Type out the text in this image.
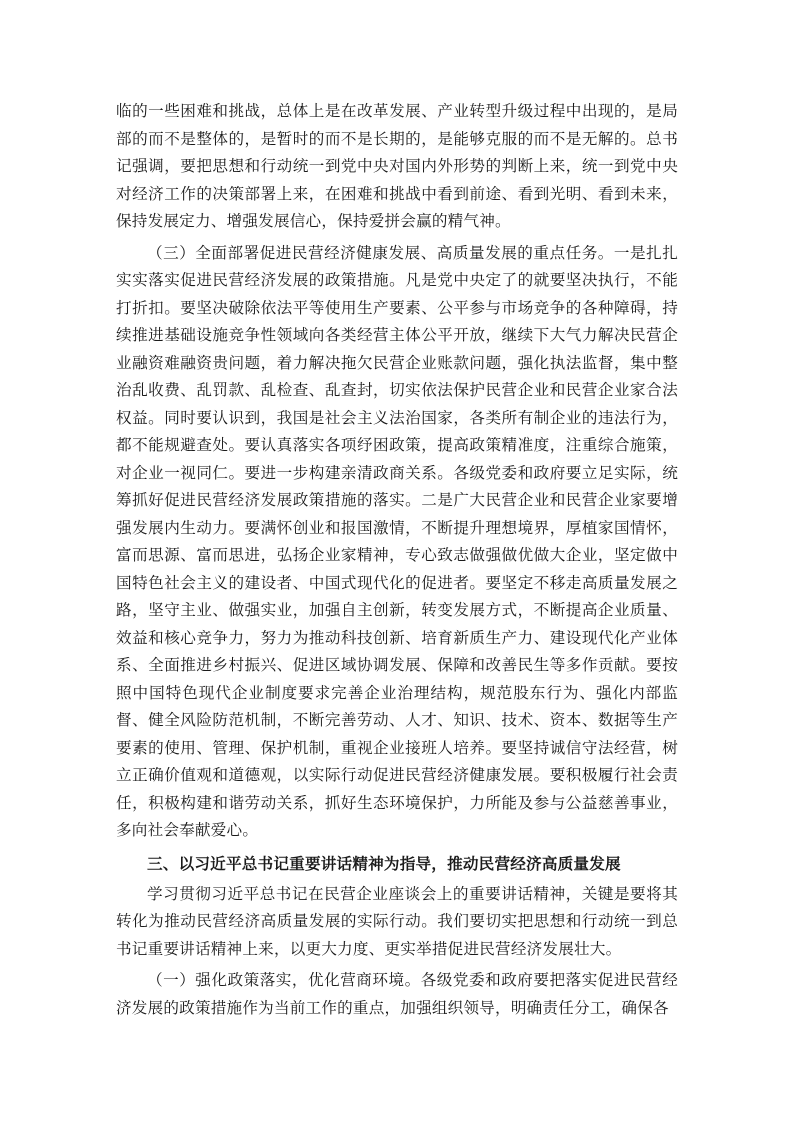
临的一些困难和挑战，总体上是在改革发展、产业转型升级过程中出现的，是局部的而不是整体的，是暂时的而不是长期的，是能够克服的而不是无解的。总书记强调，要把思想和行动统一到党中央对国内外形势的判断上来，统一到党中央对经济工作的决策部署上来，在困难和挑战中看到前途、看到光明、看到未来，保持发展定力、增强发展信心，保持爱拼会赢的精气神。

（三）全面部署促进民营经济健康发展、高质量发展的重点任务。一是扎扎实实落实促进民营经济发展的政策措施。凡是党中央定了的就要坚决执行，不能打折扣。要坚决破除依法平等使用生产要素、公平参与市场竞争的各种障碍，持续推进基础设施竞争性领域向各类经营主体公平开放，继续下大气力解决民营企业融资难融资贵问题，着力解决拖欠民营企业账款问题，强化执法监督，集中整治乱收费、乱罚款、乱检查、乱查封，切实依法保护民营企业和民营企业家合法权益。同时要认识到，我国是社会主义法治国家，各类所有制企业的违法行为，都不能规避查处。要认真落实各项纾困政策，提高政策精准度，注重综合施策，对企业一视同仁。要进一步构建亲清政商关系。各级党委和政府要立足实际，统筹抓好促进民营经济发展政策措施的落实。二是广大民营企业和民营企业家要增强发展内生动力。要满怀创业和报国激情，不断提升理想境界，厚植家国情怀，富而思源、富而思进，弘扬企业家精神，专心致志做强做优做大企业，坚定做中国特色社会主义的建设者、中国式现代化的促进者。要坚定不移走高质量发展之路，坚守主业、做强实业，加强自主创新，转变发展方式，不断提高企业质量、效益和核心竞争力，努力为推动科技创新、培育新质生产力、建设现代化产业体系、全面推进乡村振兴、促进区域协调发展、保障和改善民生等多作贡献。要按照中国特色现代企业制度要求完善企业治理结构，规范股东行为、强化内部监督、健全风险防范机制，不断完善劳动、人才、知识、技术、资本、数据等生产要素的使用、管理、保护机制，重视企业接班人培养。要坚持诚信守法经营，树立正确价值观和道德观，以实际行动促进民营经济健康发展。要积极履行社会责任，积极构建和谐劳动关系，抓好生态环境保护，力所能及参与公益慈善事业，多向社会奉献爱心。

三、以习近平总书记重要讲话精神为指导，推动民营经济高质量发展

学习贯彻习近平总书记在民营企业座谈会上的重要讲话精神，关键是要将其转化为推动民营经济高质量发展的实际行动。我们要切实把思想和行动统一到总书记重要讲话精神上来，以更大力度、更实举措促进民营经济发展壮大。

（一）强化政策落实，优化营商环境。各级党委和政府要把落实促进民营经济发展的政策措施作为当前工作的重点，加强组织领导，明确责任分工，确保各
